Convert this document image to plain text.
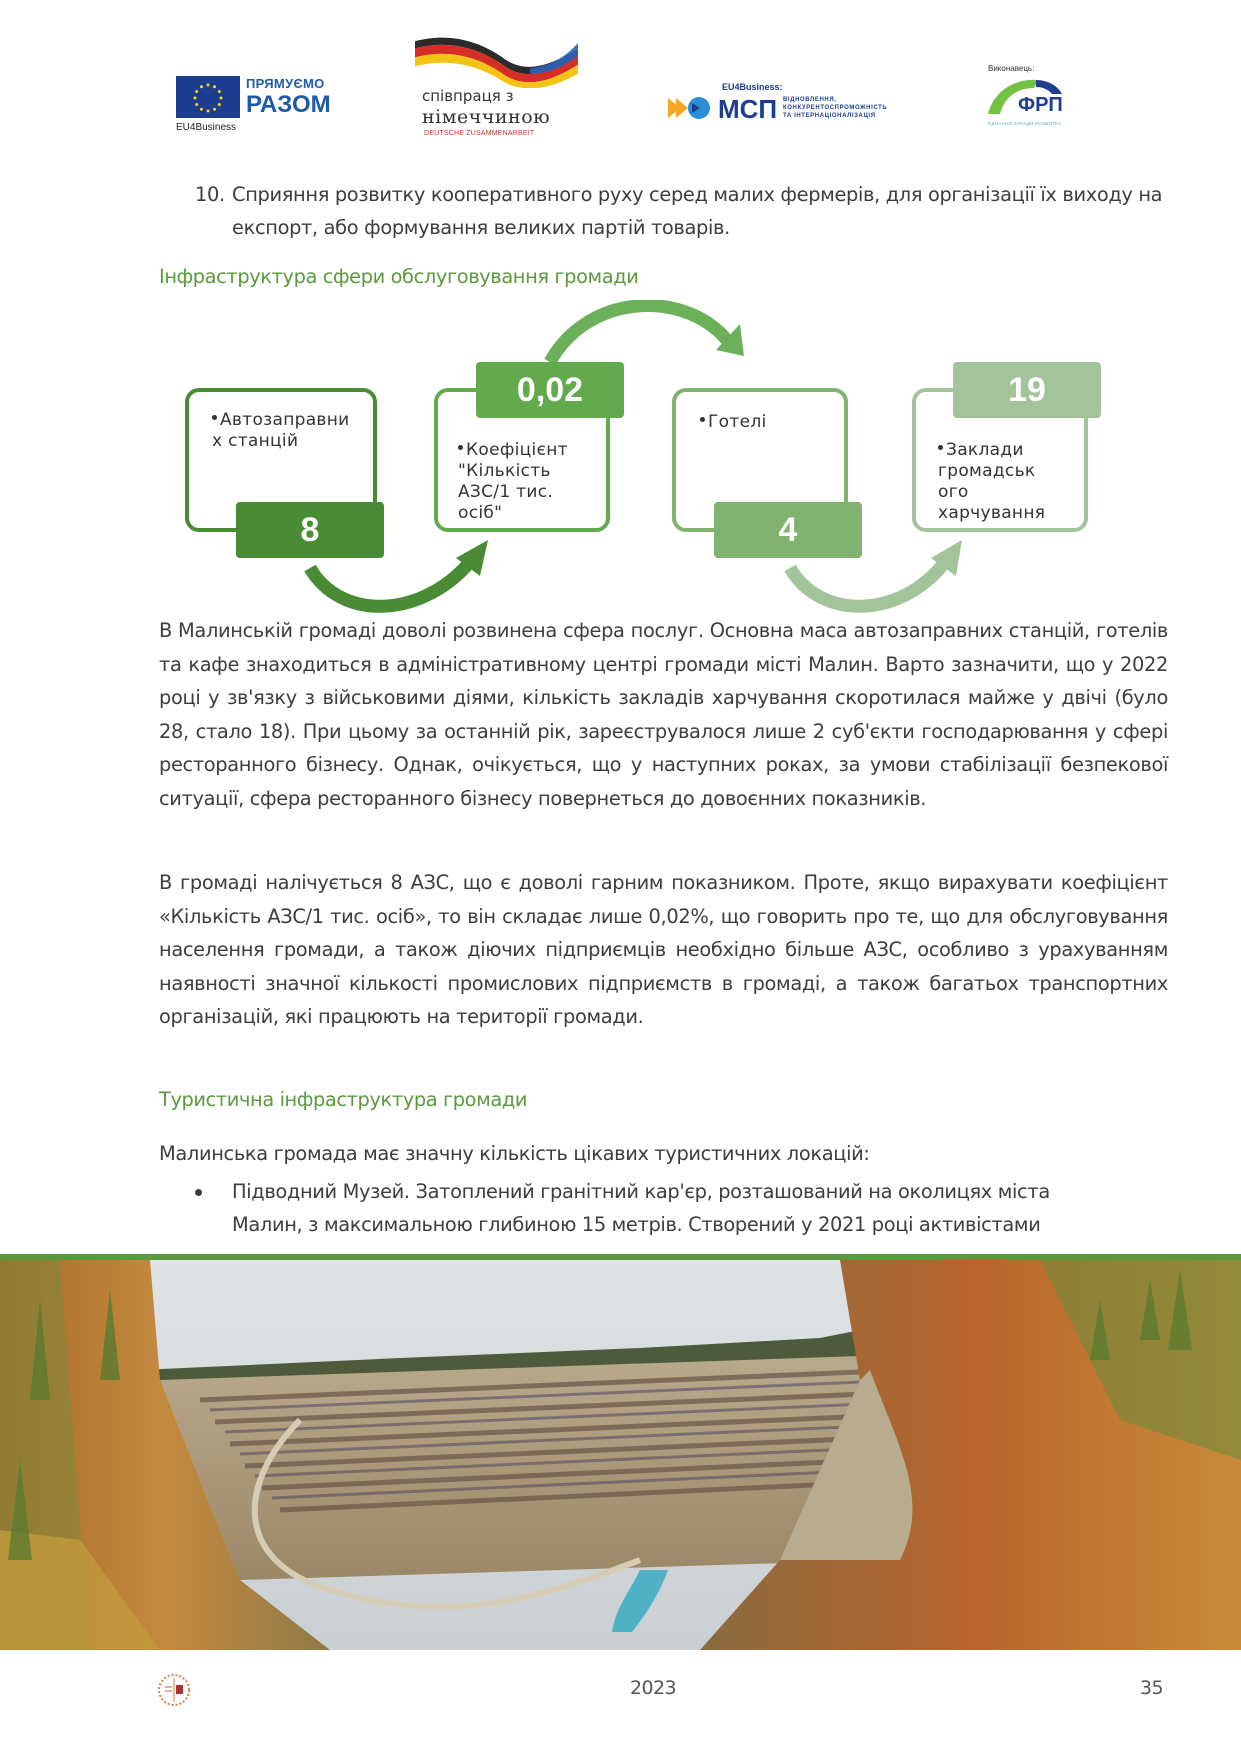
ПРЯМУЄМО
РАЗОМ
EU4Business
співпраця з
німеччиною
DEUTSCHE ZUSAMMENARBEIT
EU4Business:
МСП ВІДНОВЛЕННЯ,
КОНКУРЕНТОСПРОМОЖНІСТЬ
ТА ІНТЕРНАЦІОНАЛІЗАЦІЯ
Виконавець:
ФРП
ЄДНАННЯ ЗАРАДИ РОЗВИТКУ
10. Сприяння розвитку кооперативного руху серед малих фермерів, для організації їх виходу на експорт, або формування великих партій товарів.
Інфраструктура сфери обслуговування громади
Автозаправни х станцій
8
0,02
Коефіцієнт "Кількість АЗС/1 тис. осіб"
Готелі
4
19
Заклади громадськ ого харчування
В Малинській громаді доволі розвинена сфера послуг. Основна маса автозаправних станцій, готелів та кафе знаходиться в адміністративному центрі громади місті Малин. Варто зазначити, що у 2022 році у зв'язку з військовими діями, кількість закладів харчування скоротилася майже у двічі (було 28, стало 18). При цьому за останній рік, зареєструвалося лише 2 суб'єкти господарювання у сфері ресторанного бізнесу. Однак, очікується, що у наступних роках, за умови стабілізації безпекової ситуації, сфера ресторанного бізнесу повернеться до довоєнних показників.
В громаді налічується 8 АЗС, що є доволі гарним показником. Проте, якщо вирахувати коефіцієнт «Кількість АЗС/1 тис. осіб», то він складає лише 0,02%, що говорить про те, що для обслуговування населення громади, а також діючих підприємців необхідно більше АЗС, особливо з урахуванням наявності значної кількості промислових підприємств в громаді, а також багатьох транспортних організацій, які працюють на території громади.
Туристична інфраструктура громади
Малинська громада має значну кількість цікавих туристичних локацій:
Підводний Музей. Затоплений гранітний кар'єр, розташований на околицях міста
Малин, з максимальною глибиною 15 метрів. Створений у 2021 році активістами
2023	35
